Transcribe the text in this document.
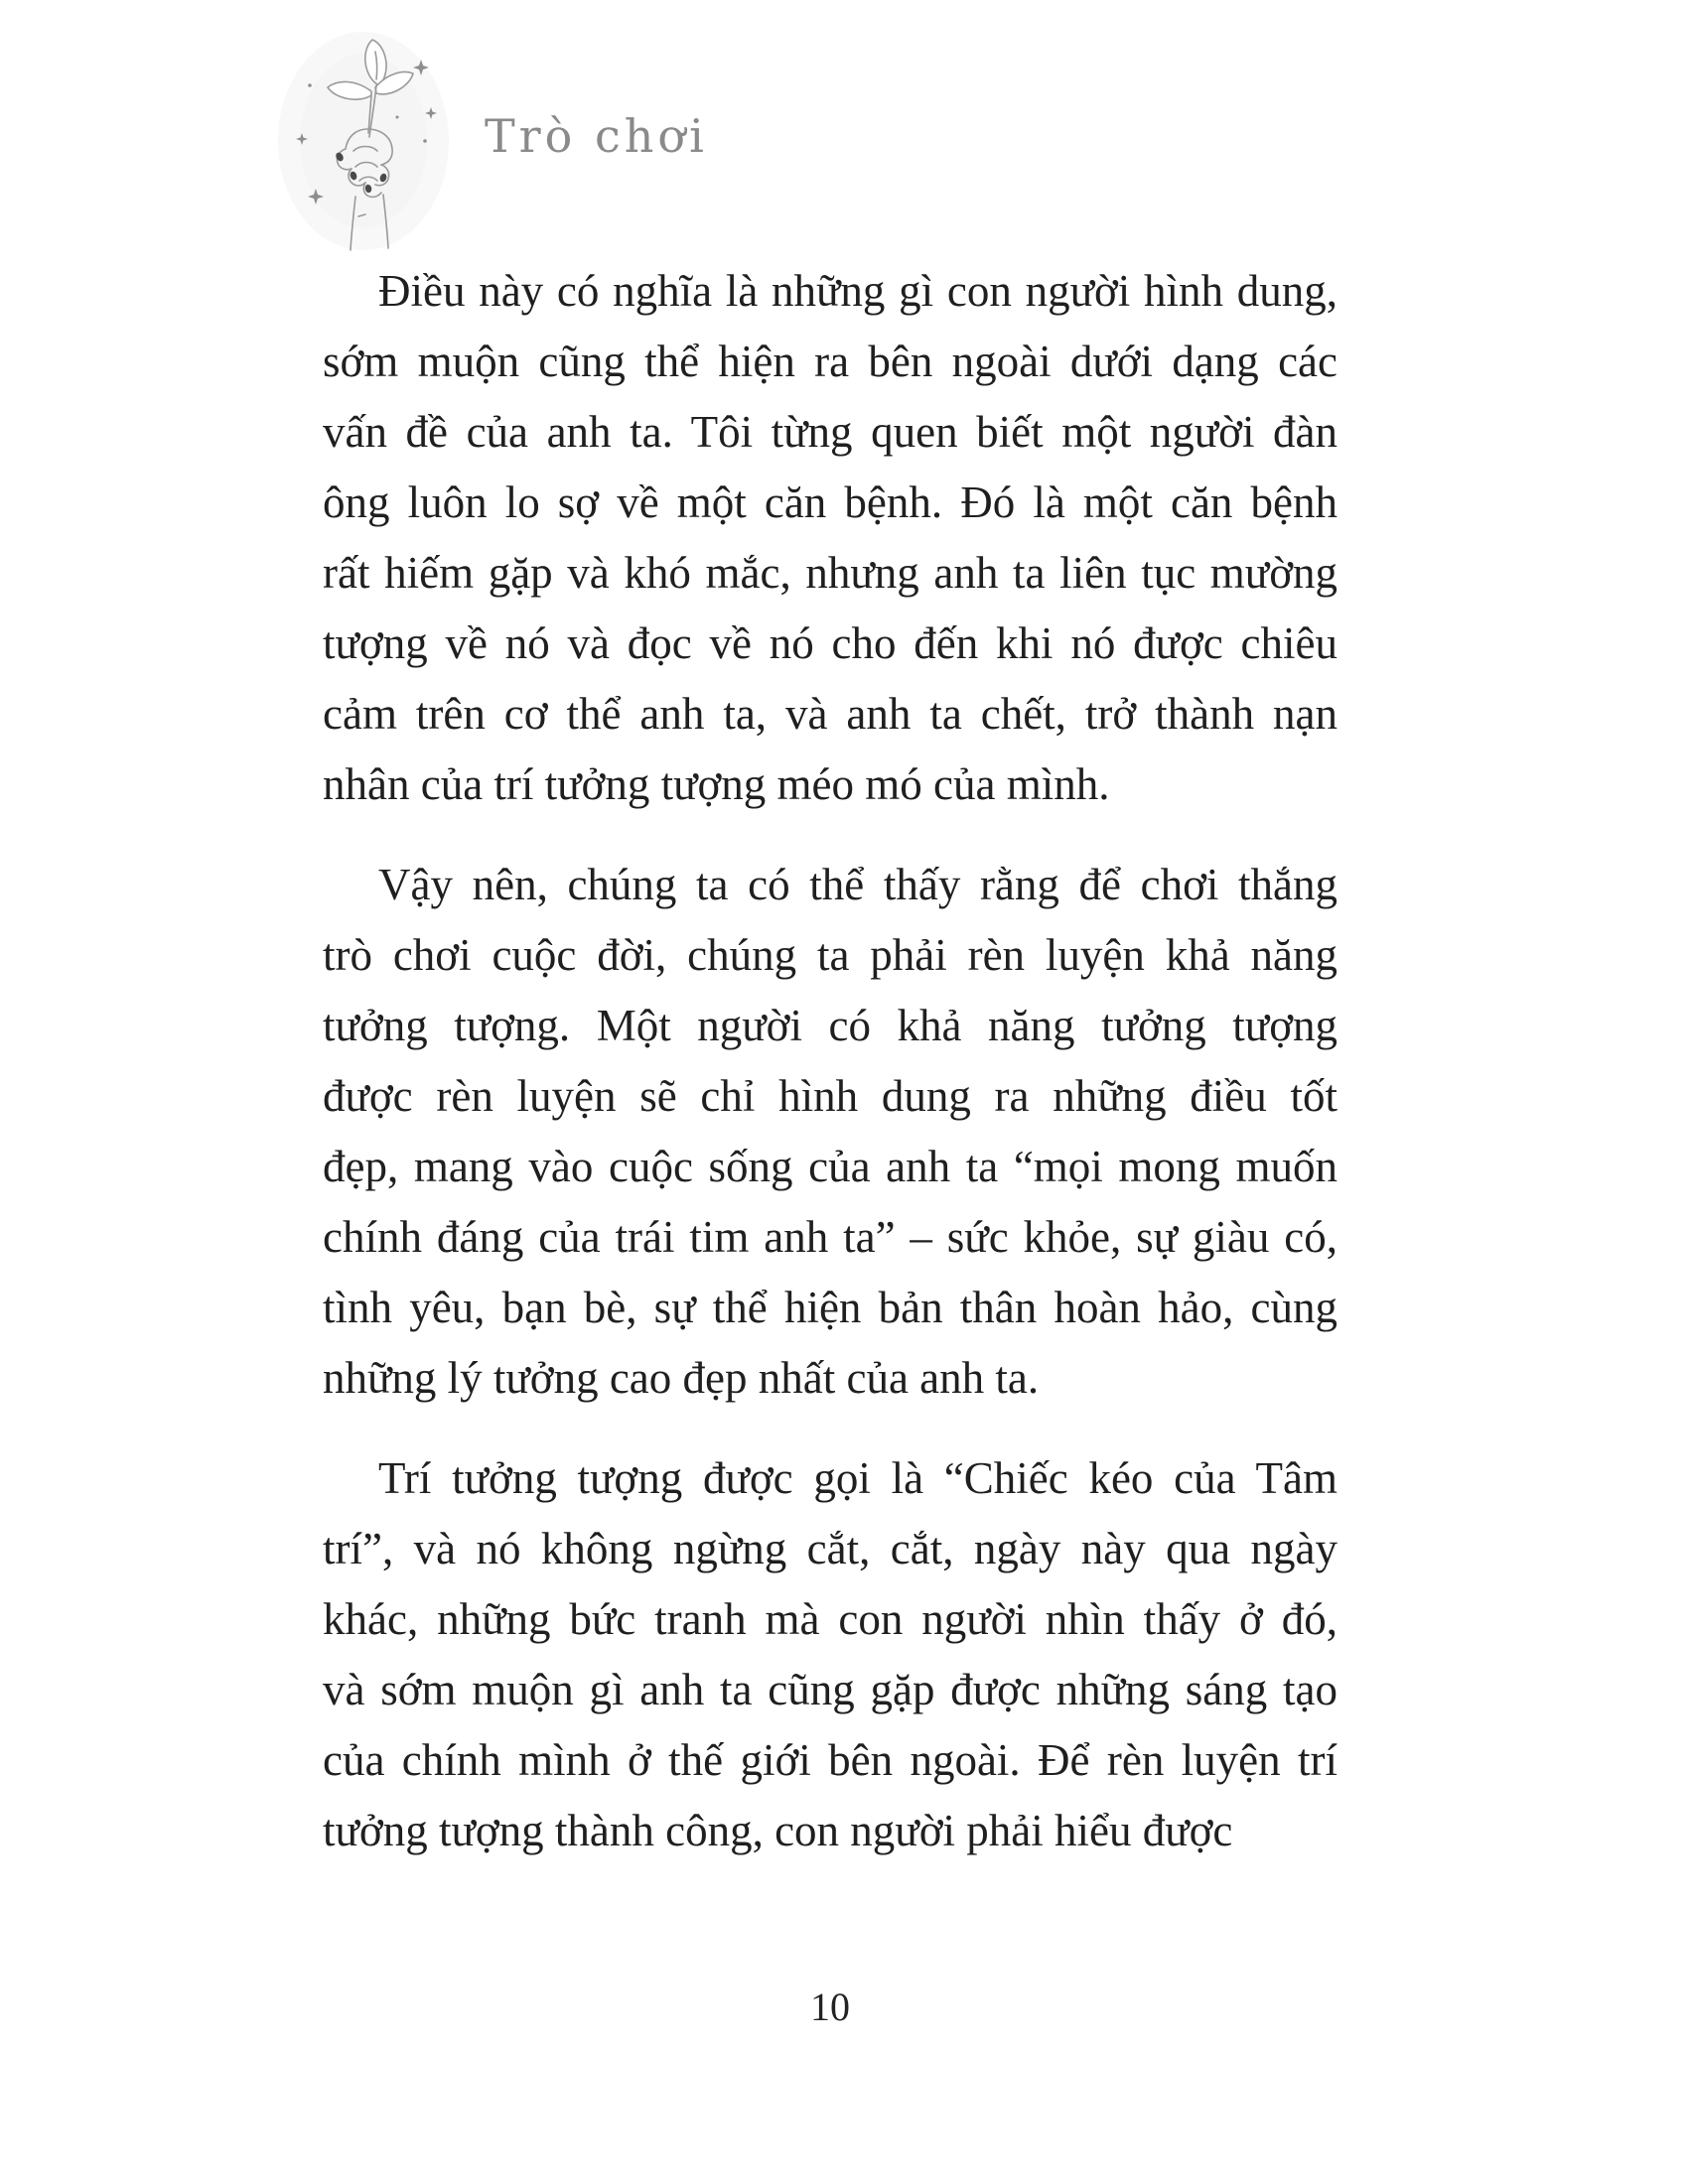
Trò chơi
Điều này có nghĩa là những gì con người hình dung,
sớm muộn cũng thể hiện ra bên ngoài dưới dạng các
vấn đề của anh ta. Tôi từng quen biết một người đàn
ông luôn lo sợ về một căn bệnh. Đó là một căn bệnh
rất hiếm gặp và khó mắc, nhưng anh ta liên tục mường
tượng về nó và đọc về nó cho đến khi nó được chiêu
cảm trên cơ thể anh ta, và anh ta chết, trở thành nạn
nhân của trí tưởng tượng méo mó của mình.
Vậy nên, chúng ta có thể thấy rằng để chơi thắng
trò chơi cuộc đời, chúng ta phải rèn luyện khả năng
tưởng tượng. Một người có khả năng tưởng tượng
được rèn luyện sẽ chỉ hình dung ra những điều tốt
đẹp, mang vào cuộc sống của anh ta “mọi mong muốn
chính đáng của trái tim anh ta” – sức khỏe, sự giàu có,
tình yêu, bạn bè, sự thể hiện bản thân hoàn hảo, cùng
những lý tưởng cao đẹp nhất của anh ta.
Trí tưởng tượng được gọi là “Chiếc kéo của Tâm
trí”, và nó không ngừng cắt, cắt, ngày này qua ngày
khác, những bức tranh mà con người nhìn thấy ở đó,
và sớm muộn gì anh ta cũng gặp được những sáng tạo
của chính mình ở thế giới bên ngoài. Để rèn luyện trí
tưởng tượng thành công, con người phải hiểu được
10
